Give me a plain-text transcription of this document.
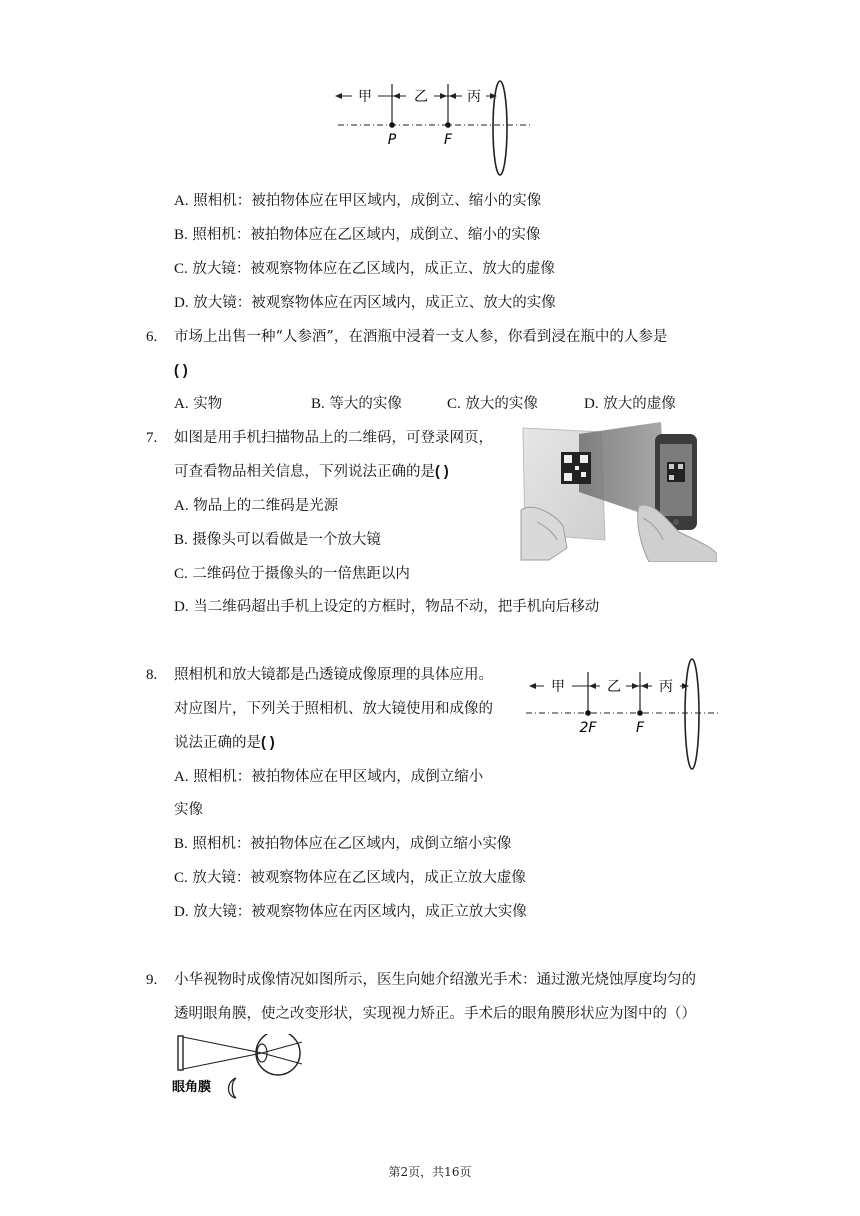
甲	乙	丙
P	F
A. 照相机：被拍物体应在甲区域内，成倒立、缩小的实像
B. 照相机：被拍物体应在乙区域内，成倒立、缩小的实像
C. 放大镜：被观察物体应在乙区域内，成正立、放大的虚像
D. 放大镜：被观察物体应在丙区域内，成正立、放大的实像
6. 市场上出售一种“人参酒”，在酒瓶中浸着一支人参，你看到浸在瓶中的人参是
( )
A. 实物	B. 等大的实像	C. 放大的实像	D. 放大的虚像
7. 如图是用手机扫描物品上的二维码，可登录网页，
可查看物品相关信息，下列说法正确的是( )
A. 物品上的二维码是光源
B. 摄像头可以看做是一个放大镜
C. 二维码位于摄像头的一倍焦距以内
D. 当二维码超出手机上设定的方框时，物品不动，把手机向后移动
8. 照相机和放大镜都是凸透镜成像原理的具体应用。
对应图片，下列关于照相机、放大镜使用和成像的
说法正确的是( )
A. 照相机：被拍物体应在甲区域内，成倒立缩小
实像
B. 照相机：被拍物体应在乙区域内，成倒立缩小实像
C. 放大镜：被观察物体应在乙区域内，成正立放大虚像
D. 放大镜：被观察物体应在丙区域内，成正立放大实像
甲	乙	丙
2F	F
9. 小华视物时成像情况如图所示，医生向她介绍激光手术：通过激光烧蚀厚度均匀的
透明眼角膜，使之改变形状，实现视力矫正。手术后的眼角膜形状应为图中的（）
眼角膜
第2页，共16页
